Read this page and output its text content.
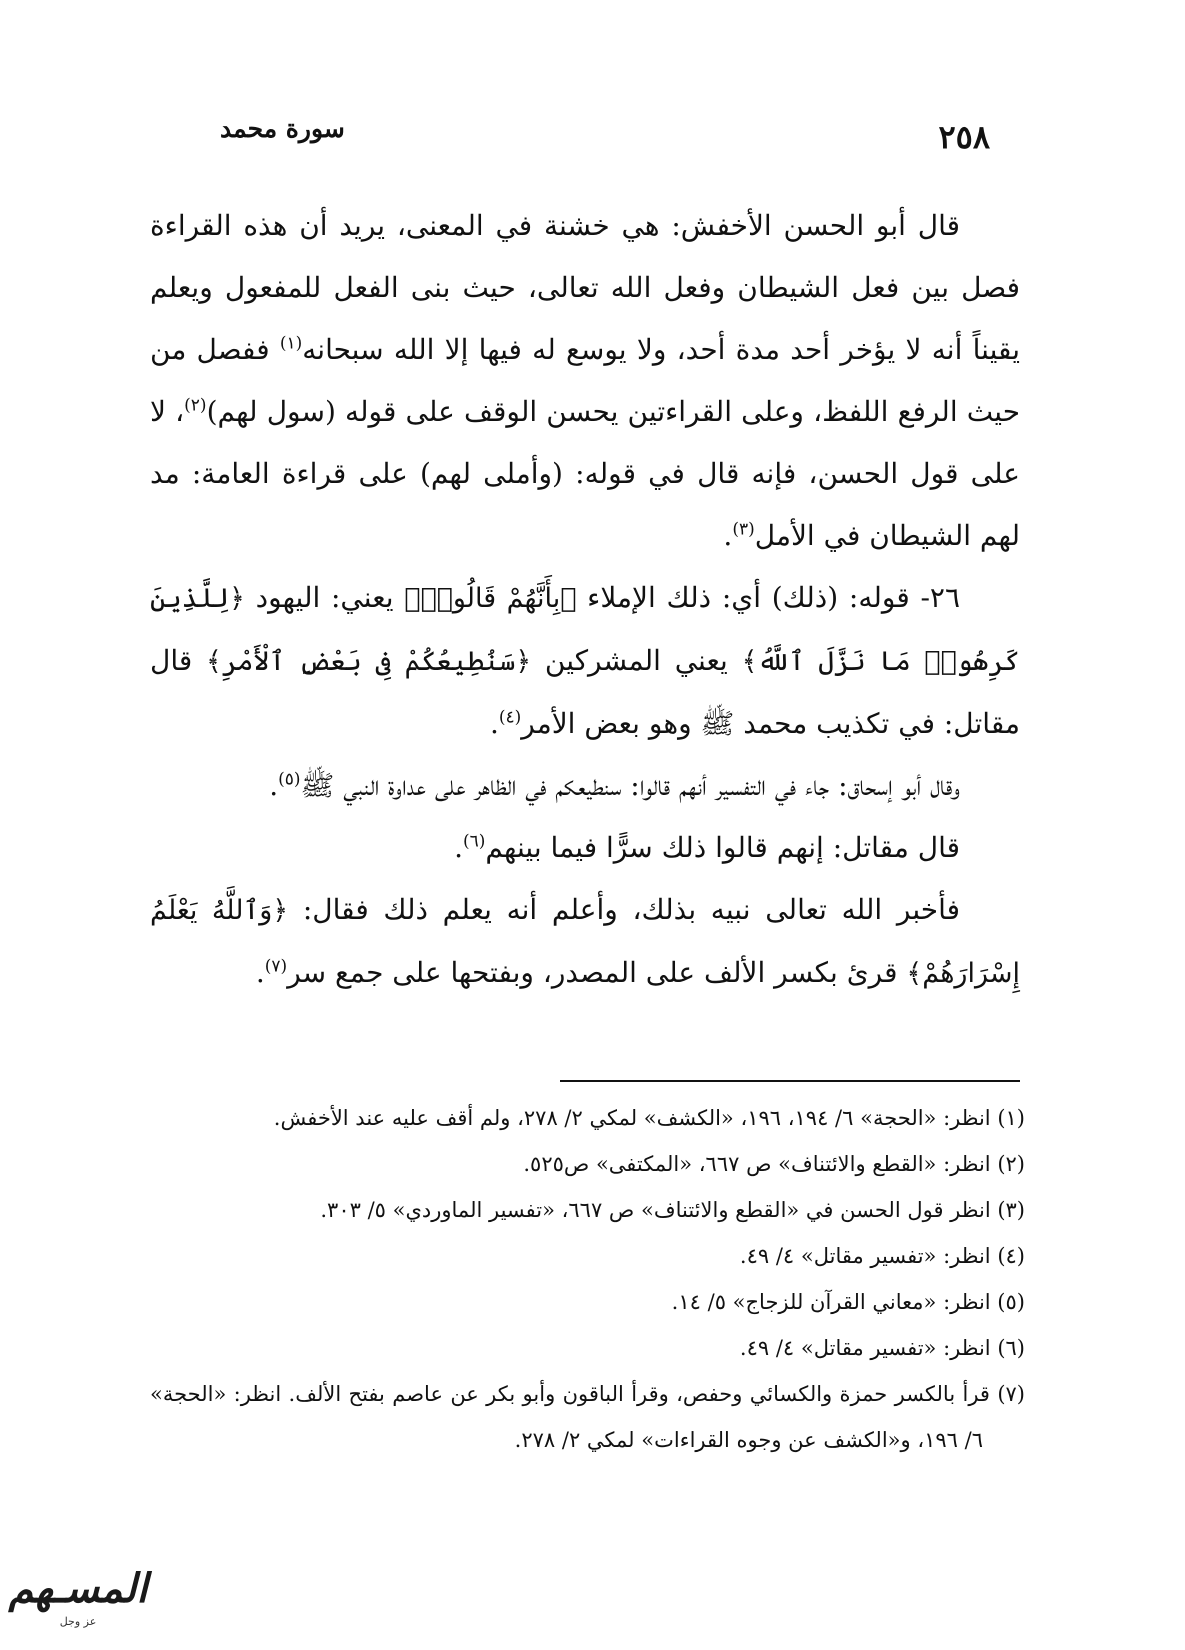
٢٥٨
سورة محمد

قال أبو الحسن الأخفش: هي خشنة في المعنى، يريد أن هذه القراءة فصل بين فعل الشيطان وفعل الله تعالى، حيث بنى الفعل للمفعول ويعلم يقيناً أنه لا يؤخر أحد مدة أحد، ولا يوسع له فيها إلا الله سبحانه$^{(١)}$ ففصل من حيث الرفع اللفظ، وعلى القراءتين يحسن الوقف على قوله (سول لهم)$^{(٢)}$، لا على قول الحسن، فإنه قال في قوله: (وأملى لهم) على قراءة العامة: مد لهم الشيطان في الأمل$^{(٣)}$.

٢٦- قوله: (ذلك) أي: ذلك الإملاء ﴿بِأَنَّهُمْ قَالُوا۟﴾ يعني: اليهود ﴿لِلَّذِينَ كَرِهُوا۟ مَا نَزَّلَ ٱللَّهُ﴾ يعني المشركين ﴿سَنُطِيعُكُمْ فِى بَعْضِ ٱلْأَمْرِ﴾ قال مقاتل: في تكذيب محمد ﷺ وهو بعض الأمر$^{(٤)}$.

وقال أبو إسحاق: جاء في التفسير أنهم قالوا: سنطيعكم في الظاهر على عداوة النبي ﷺ$^{(٥)}$.

قال مقاتل: إنهم قالوا ذلك سرًّا فيما بينهم$^{(٦)}$.

فأخبر الله تعالى نبيه بذلك، وأعلم أنه يعلم ذلك فقال: ﴿وَٱللَّهُ يَعْلَمُ إِسْرَارَهُمْ﴾ قرئ بكسر الألف على المصدر، وبفتحها على جمع سر$^{(٧)}$.

(١) انظر: «الحجة» ٦/ ١٩٤، ١٩٦، «الكشف» لمكي ٢/ ٢٧٨، ولم أقف عليه عند الأخفش.

(٢) انظر: «القطع والائتناف» ص ٦٦٧، «المكتفى» ص٥٢٥.

(٣) انظر قول الحسن في «القطع والائتناف» ص ٦٦٧، «تفسير الماوردي» ٥/ ٣٠٣.

(٤) انظر: «تفسير مقاتل» ٤/ ٤٩.

(٥) انظر: «معاني القرآن للزجاج» ٥/ ١٤.

(٦) انظر: «تفسير مقاتل» ٤/ ٤٩.

(٧) قرأ بالكسر حمزة والكسائي وحفص، وقرأ الباقون وأبو بكر عن عاصم بفتح الألف. انظر: «الحجة» ٦/ ١٩٦، و«الكشف عن وجوه القراءات» لمكي ٢/ ٢٧٨.

المسـهم
عز وجل
